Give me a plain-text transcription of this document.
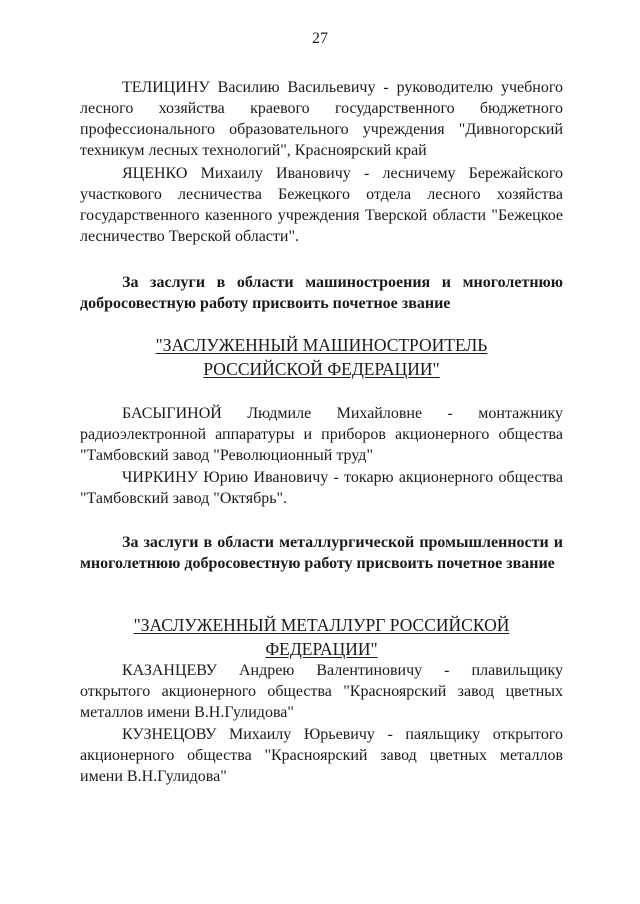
27

ТЕЛИЦИНУ Василию Васильевичу - руководителю учебного лесного хозяйства краевого государственного бюджетного профессионального образовательного учреждения "Дивногорский техникум лесных технологий", Красноярский край

ЯЦЕНКО Михаилу Ивановичу - лесничему Бережайского участкового лесничества Бежецкого отдела лесного хозяйства государственного казенного учреждения Тверской области "Бежецкое лесничество Тверской области".

За заслуги в области машиностроения и многолетнюю добросовестную работу присвоить почетное звание

"ЗАСЛУЖЕННЫЙ МАШИНОСТРОИТЕЛЬ
РОССИЙСКОЙ ФЕДЕРАЦИИ"

БАСЫГИНОЙ Людмиле Михайловне - монтажнику радиоэлектронной аппаратуры и приборов акционерного общества "Тамбовский завод "Революционный труд"

ЧИРКИНУ Юрию Ивановичу - токарю акционерного общества "Тамбовский завод "Октябрь".

За заслуги в области металлургической промышленности и многолетнюю добросовестную работу присвоить почетное звание

"ЗАСЛУЖЕННЫЙ МЕТАЛЛУРГ РОССИЙСКОЙ ФЕДЕРАЦИИ"

КАЗАНЦЕВУ Андрею Валентиновичу - плавильщику открытого акционерного общества "Красноярский завод цветных металлов имени В.Н.Гулидова"

КУЗНЕЦОВУ Михаилу Юрьевичу - паяльщику открытого акционерного общества "Красноярский завод цветных металлов имени В.Н.Гулидова"
